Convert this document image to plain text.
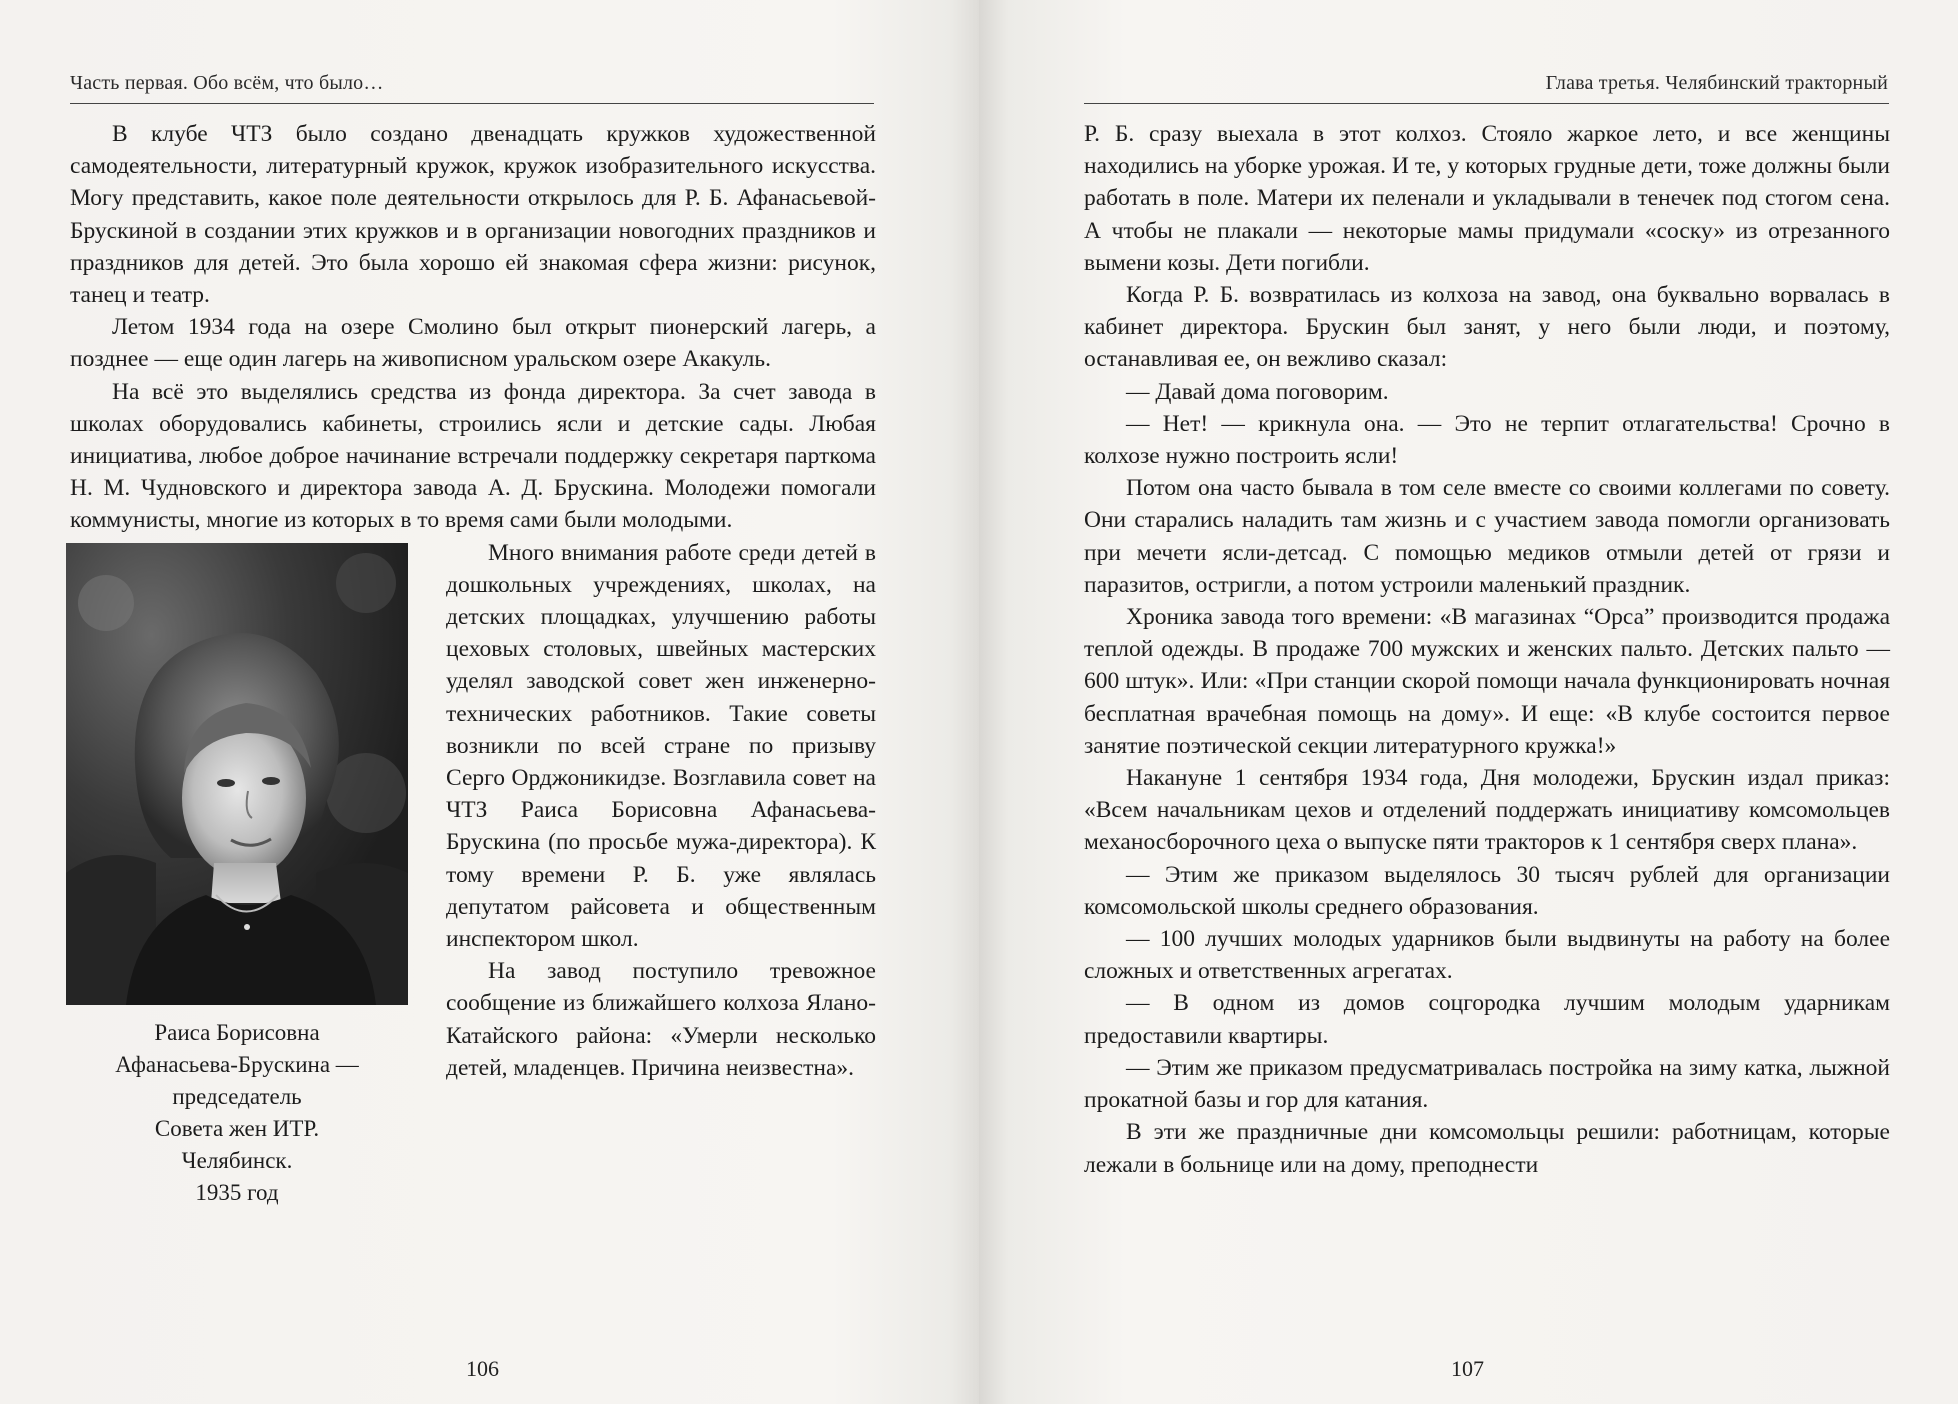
Часть первая. Обо всём, что было…

В клубе ЧТЗ было создано двенадцать кружков художественной самодеятельности, литературный кружок, кружок изобразительного искусства. Могу представить, какое поле деятельности открылось для Р. Б. Афанасьевой-Брускиной в создании этих кружков и в организации новогодних праздников и праздников для детей. Это была хорошо ей знакомая сфера жизни: рисунок, танец и театр.

Летом 1934 года на озере Смолино был открыт пионерский лагерь, а позднее — еще один лагерь на живописном уральском озере Акакуль.

На всё это выделялись средства из фонда директора. За счет завода в школах оборудовались кабинеты, строились ясли и детские сады. Любая инициатива, любое доброе начинание встречали поддержку секретаря парткома Н. М. Чудновского и директора завода А. Д. Брускина. Молодежи помогали коммунисты, многие из которых в то время сами были молодыми.

Раиса Борисовна
Афанасьева-Брускина —
председатель
Совета жен ИТР.
Челябинск.
1935 год

Много внимания работе среди детей в дошкольных учреждениях, школах, на детских площадках, улучшению работы цеховых столовых, швейных мастерских уделял заводской совет жен инженерно-технических работников. Такие советы возникли по всей стране по призыву Серго Орджоникидзе. Возглавила совет на ЧТЗ Раиса Борисовна Афанасьева-Брускина (по просьбе мужа-директора). К тому времени Р. Б. уже являлась депутатом райсовета и общественным инспектором школ.

На завод поступило тревожное сообщение из ближайшего колхоза Ялано-Катайского района: «Умерли несколько детей, младенцев. Причина неизвестна».

106
Глава третья. Челябинский тракторный

Р. Б. сразу выехала в этот колхоз. Стояло жаркое лето, и все женщины находились на уборке урожая. И те, у которых грудные дети, тоже должны были работать в поле. Матери их пеленали и укладывали в тенечек под стогом сена. А чтобы не плакали — некоторые мамы придумали «соску» из отрезанного вымени козы. Дети погибли.

Когда Р. Б. возвратилась из колхоза на завод, она буквально ворвалась в кабинет директора. Брускин был занят, у него были люди, и поэтому, останавливая ее, он вежливо сказал:

— Давай дома поговорим.

— Нет! — крикнула она. — Это не терпит отлагательства! Срочно в колхозе нужно построить ясли!

Потом она часто бывала в том селе вместе со своими коллегами по совету. Они старались наладить там жизнь и с участием завода помогли организовать при мечети ясли-детсад. С помощью медиков отмыли детей от грязи и паразитов, остригли, а потом устроили маленький праздник.

Хроника завода того времени: «В магазинах “Орса” производится продажа теплой одежды. В продаже 700 мужских и женских пальто. Детских пальто — 600 штук». Или: «При станции скорой помощи начала функционировать ночная бесплатная врачебная помощь на дому». И еще: «В клубе состоится первое занятие поэтической секции литературного кружка!»

Накануне 1 сентября 1934 года, Дня молодежи, Брускин издал приказ: «Всем начальникам цехов и отделений поддержать инициативу комсомольцев механосборочного цеха о выпуске пяти тракторов к 1 сентября сверх плана».

— Этим же приказом выделялось 30 тысяч рублей для организации комсомольской школы среднего образования.

— 100 лучших молодых ударников были выдвинуты на работу на более сложных и ответственных агрегатах.

— В одном из домов соцгородка лучшим молодым ударникам предоставили квартиры.

— Этим же приказом предусматривалась постройка на зиму катка, лыжной прокатной базы и гор для катания.

В эти же праздничные дни комсомольцы решили: работницам, которые лежали в больнице или на дому, преподнести

107
